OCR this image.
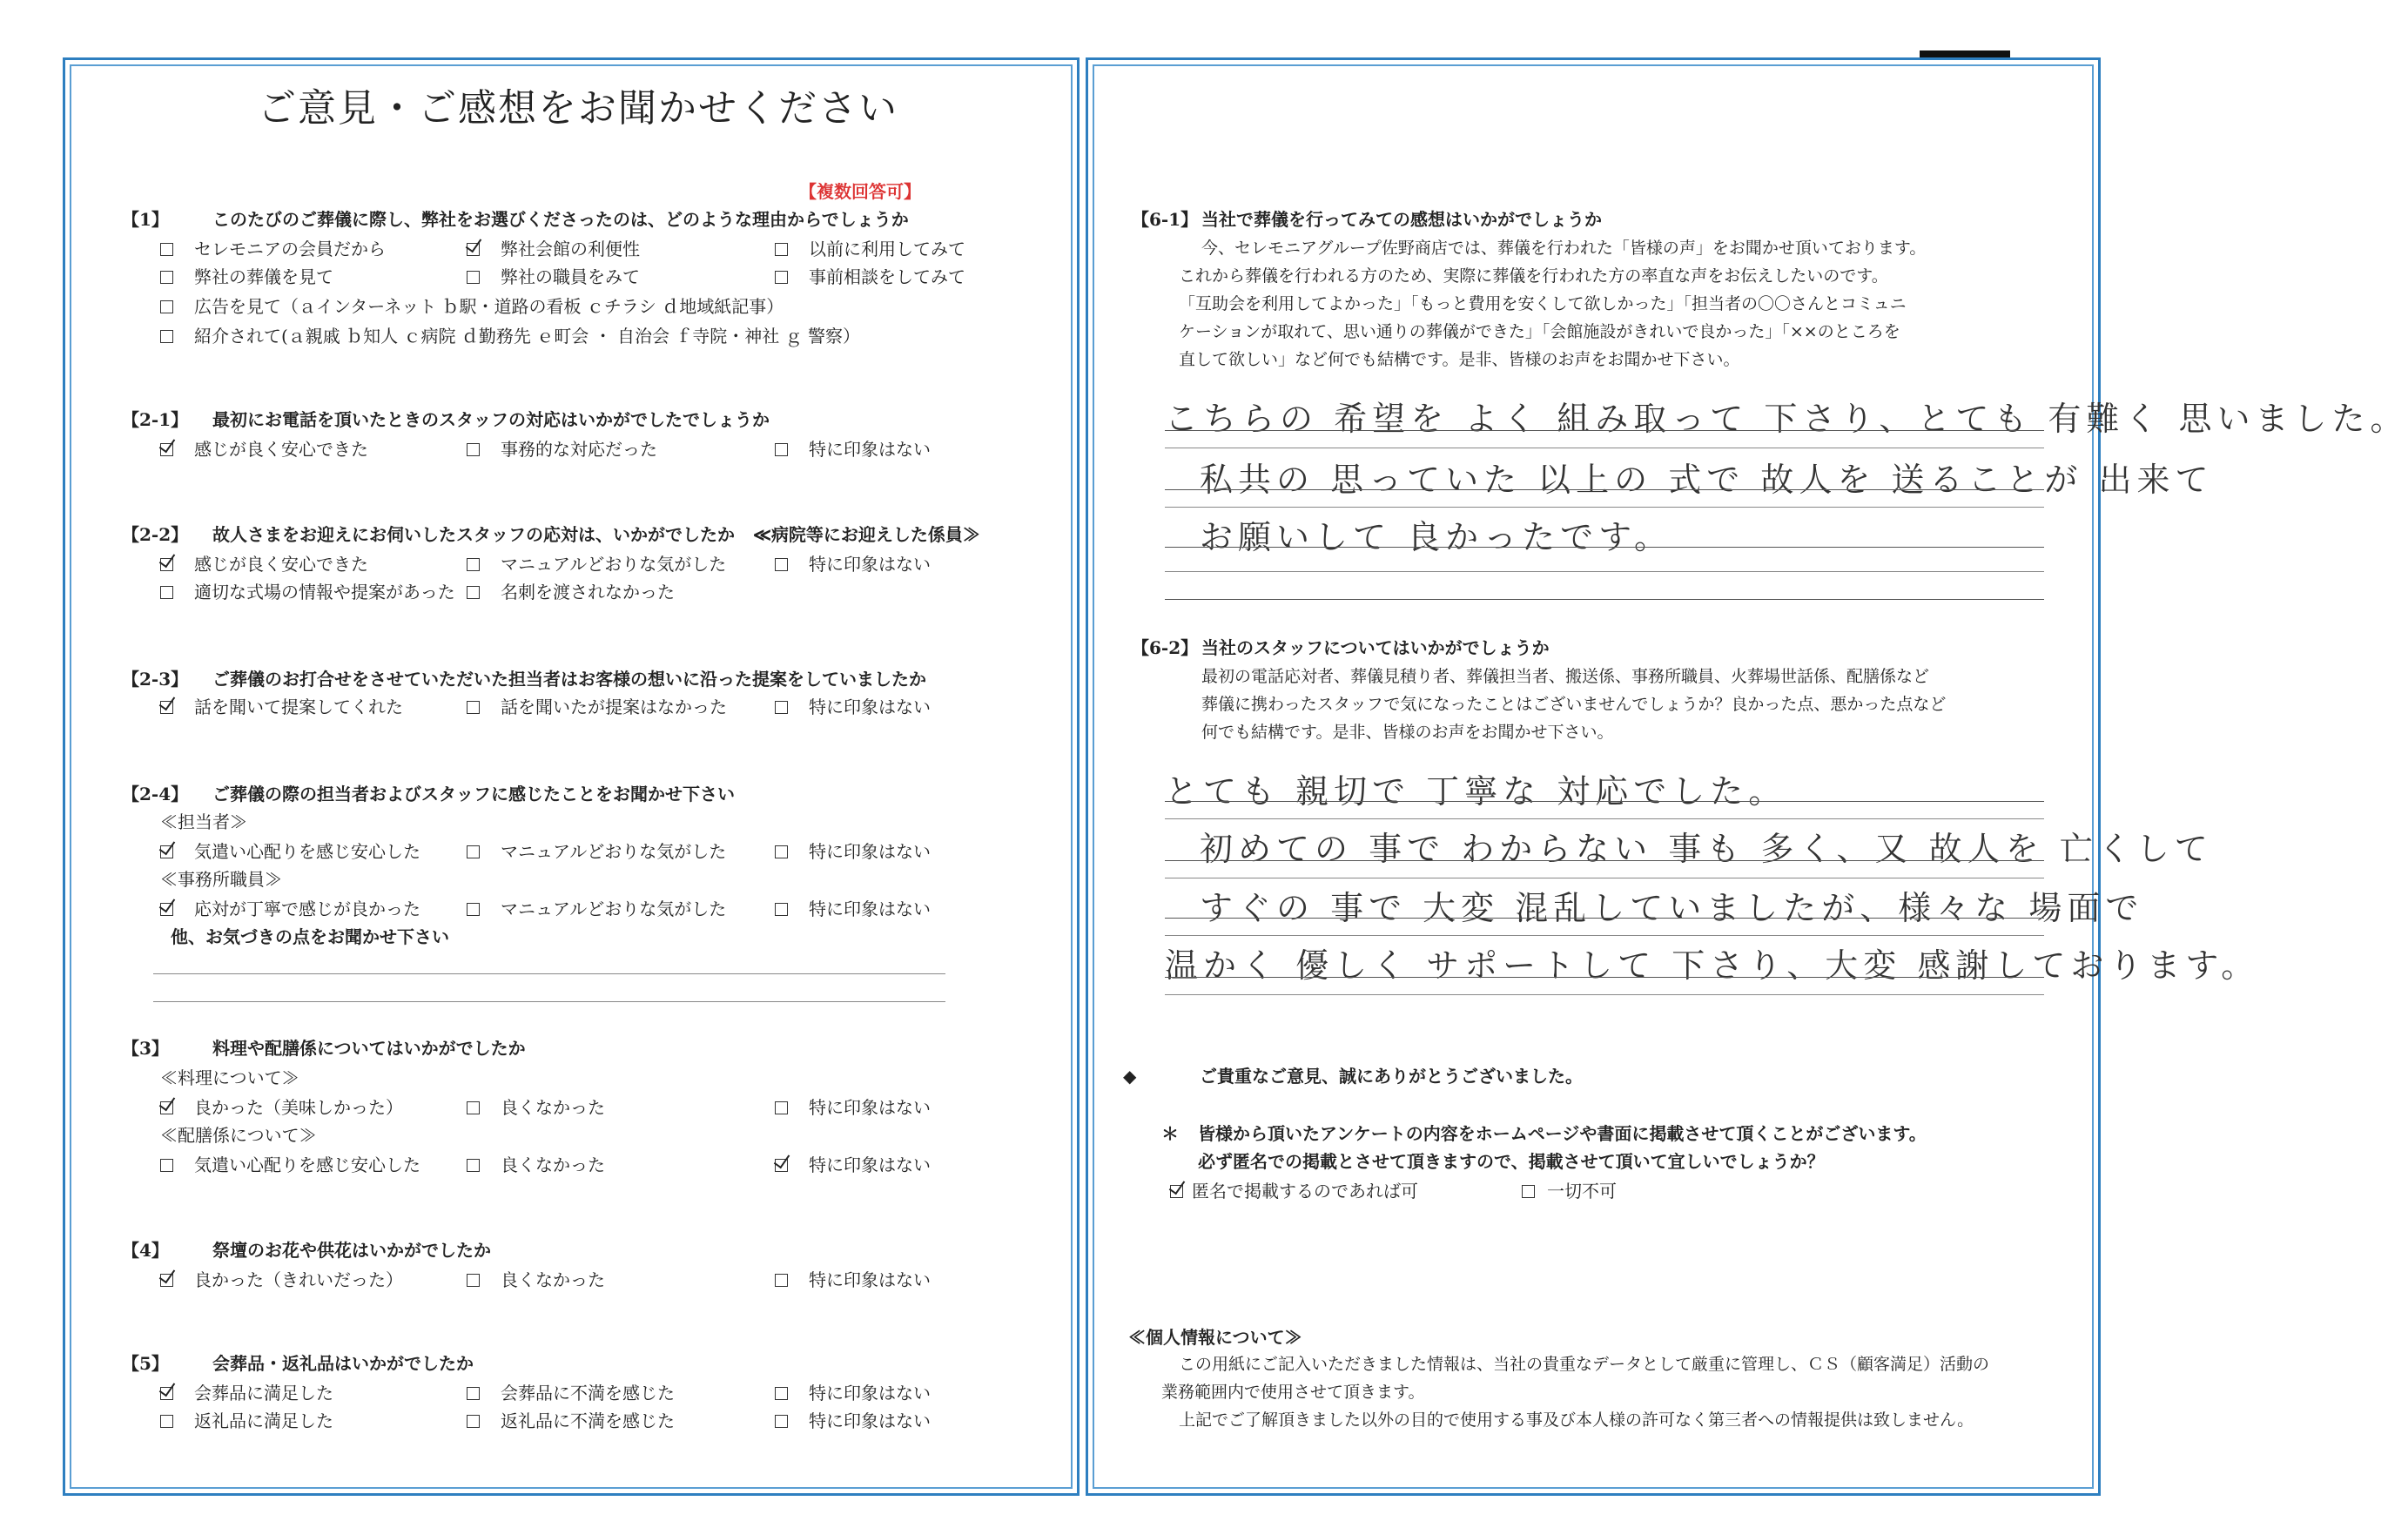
ご意見・ご感想をお聞かせください
【複数回答可】
【1】	このたびのご葬儀に際し、弊社をお選びくださったのは、どのような理由からでしょうか
セレモニアの会員だから	弊社会館の利便性	以前に利用してみて
弊社の葬儀を見て	弊社の職員をみて	事前相談をしてみて
広告を見て（ａインターネット ｂ駅・道路の看板 ｃチラシ ｄ地域紙記事）
紹介されて(ａ親戚 ｂ知人 ｃ病院 ｄ勤務先 ｅ町会 ・ 自治会 ｆ寺院・神社 ｇ 警察）
【2-1】 最初にお電話を頂いたときのスタッフの対応はいかがでしたでしょうか
感じが良く安心できた	事務的な対応だった	特に印象はない
【2-2】 故人さまをお迎えにお伺いしたスタッフの応対は、いかがでしたか ≪病院等にお迎えした係員≫
感じが良く安心できた	マニュアルどおりな気がした	特に印象はない
適切な式場の情報や提案があった	名刺を渡されなかった
【2-3】 ご葬儀のお打合せをさせていただいた担当者はお客様の想いに沿った提案をしていましたか
話を聞いて提案してくれた	話を聞いたが提案はなかった	特に印象はない
【2-4】 ご葬儀の際の担当者およびスタッフに感じたことをお聞かせ下さい
≪担当者≫
気遣い心配りを感じ安心した	マニュアルどおりな気がした	特に印象はない
≪事務所職員≫
応対が丁寧で感じが良かった	マニュアルどおりな気がした	特に印象はない
他、お気づきの点をお聞かせ下さい
【3】	料理や配膳係についてはいかがでしたか
≪料理について≫
良かった（美味しかった）	良くなかった	特に印象はない
≪配膳係について≫
気遣い心配りを感じ安心した	良くなかった	特に印象はない
【4】	祭壇のお花や供花はいかがでしたか
良かった（きれいだった）	良くなかった	特に印象はない
【5】	会葬品・返礼品はいかがでしたか
会葬品に満足した	会葬品に不満を感じた	特に印象はない
返礼品に満足した	返礼品に不満を感じた	特に印象はない
【6-1】 当社で葬儀を行ってみての感想はいかがでしょうか
今、セレモニアグループ佐野商店では、葬儀を行われた「皆様の声」をお聞かせ頂いております。
これから葬儀を行われる方のため、実際に葬儀を行われた方の率直な声をお伝えしたいのです。
「互助会を利用してよかった」「もっと費用を安くして欲しかった」「担当者の〇〇さんとコミュニ
ケーションが取れて、思い通りの葬儀ができた」「会館施設がきれいで良かった」「××のところを
直して欲しい」など何でも結構です。是非、皆様のお声をお聞かせ下さい。
こちらの 希望を よく 組み取って 下さり、とても 有難く 思いました。
私共の 思っていた 以上の 式で 故人を 送ることが 出来て
お願いして 良かったです。
【6-2】 当社のスタッフについてはいかがでしょうか
最初の電話応対者、葬儀見積り者、葬儀担当者、搬送係、事務所職員、火葬場世話係、配膳係など
葬儀に携わったスタッフで気になったことはございませんでしょうか？良かった点、悪かった点など
何でも結構です。是非、皆様のお声をお聞かせ下さい。
とても 親切で 丁寧な 対応でした。
初めての 事で わからない 事も 多く、又 故人を 亡くして
すぐの 事で 大変 混乱していましたが、様々な 場面で
温かく 優しく サポートして 下さり、大変 感謝しております。
◆	ご貴重なご意見、誠にありがとうございました。
＊ 皆様から頂いたアンケートの内容をホームページや書面に掲載させて頂くことがございます。
必ず匿名での掲載とさせて頂きますので、掲載させて頂いて宜しいでしょうか？
匿名で掲載するのであれば可	一切不可
≪個人情報について≫
この用紙にご記入いただきました情報は、当社の貴重なデータとして厳重に管理し、ＣＳ（顧客満足）活動の
業務範囲内で使用させて頂きます。
上記でご了解頂きました以外の目的で使用する事及び本人様の許可なく第三者への情報提供は致しません。
